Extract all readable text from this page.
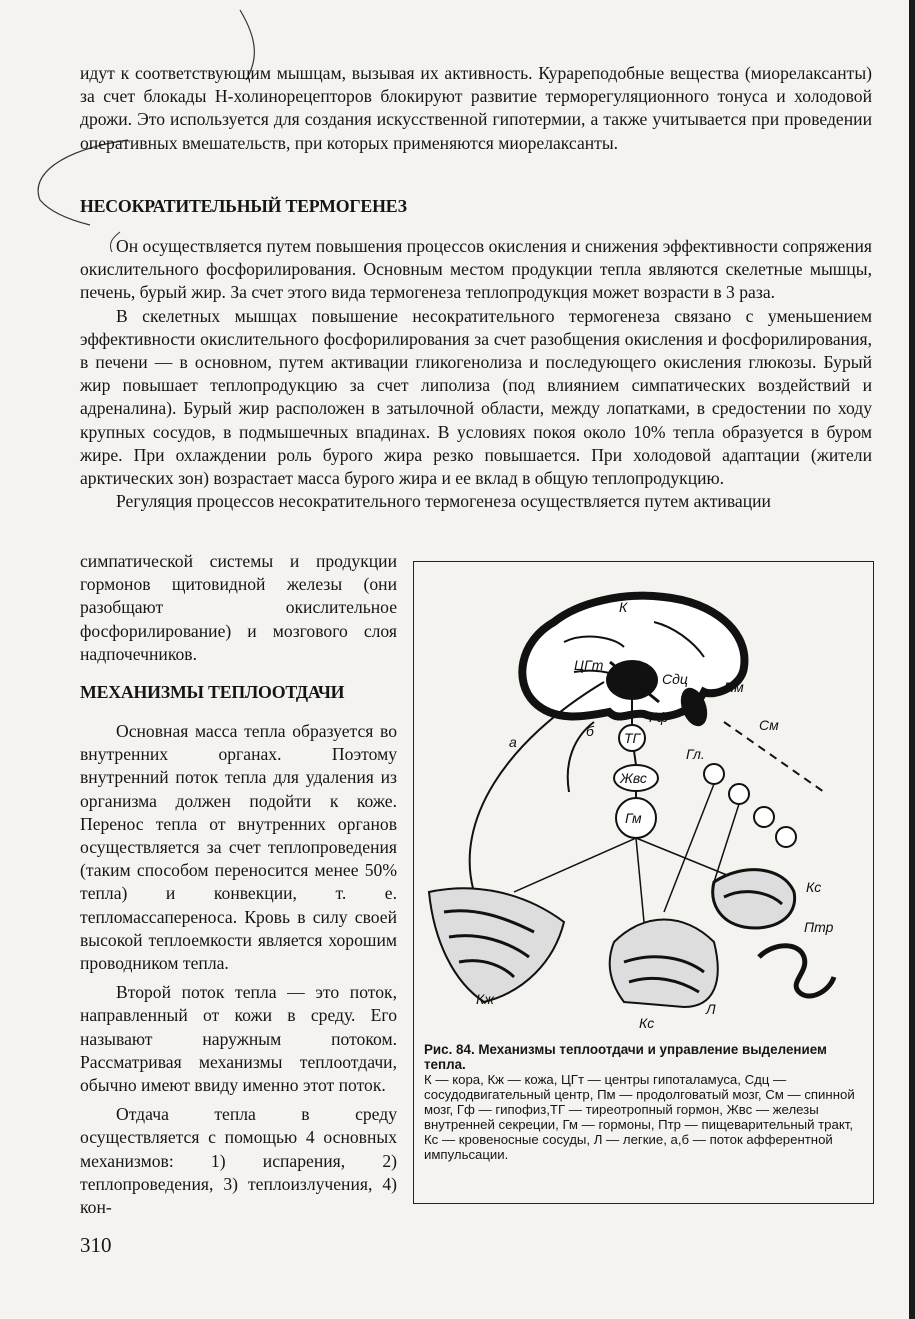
идут к соответствующим мышцам, вызывая их активность. Курареподобные вещества (миорелаксанты) за счет блокады Н-холинорецепторов блокируют развитие терморегуляционного тонуса и холодовой дрожи. Это используется для создания искусственной гипотермии, а также учитывается при проведении оперативных вмешательств, при которых применяются миорелаксанты.

НЕСОКРАТИТЕЛЬНЫЙ ТЕРМОГЕНЕЗ

Он осуществляется путем повышения процессов окисления и снижения эффективности сопряжения окислительного фосфорилирования. Основным местом продукции тепла являются скелетные мышцы, печень, бурый жир. За счет этого вида термогенеза теплопродукция может возрасти в 3 раза.

В скелетных мышцах повышение несократительного термогенеза связано с уменьшением эффективности окислительного фосфорилирования за счет разобщения окисления и фосфорилирования, в печени — в основном, путем активации гликогенолиза и последующего окисления глюкозы. Бурый жир повышает теплопродукцию за счет липолиза (под влиянием симпатических воздействий и адреналина). Бурый жир расположен в затылочной области, между лопатками, в средостении по ходу крупных сосудов, в подмышечных впадинах. В условиях покоя около 10% тепла образуется в буром жире. При охлаждении роль бурого жира резко повышается. При холодовой адаптации (жители арктических зон) возрастает масса бурого жира и ее вклад в общую теплопродукцию.

Регуляция процессов несократительного термогенеза осуществляется путем активации

симпатической системы и продукции гормонов щитовидной железы (они разобщают окислительное фосфорилирование) и мозгового слоя надпочечников.

МЕХАНИЗМЫ ТЕПЛООТДАЧИ

Основная масса тепла образуется во внутренних органах. Поэтому внутренний поток тепла для удаления из организма должен подойти к коже. Перенос тепла от внутренних органов осуществляется за счет теплопроведения (таким способом переносится менее 50% тепла) и конвекции, т. е. тепломассапереноса. Кровь в силу своей высокой теплоемкости является хорошим проводником тепла.

Второй поток тепла — это поток, направленный от кожи в среду. Его называют наружным потоком. Рассматривая механизмы теплоотдачи, обычно имеют ввиду именно этот поток.

Отдача тепла в среду осуществляется с помощью 4 основных механизмов: 1) испарения, 2) теплопроведения, 3) теплоизлучения, 4) кон-

К
ЦГт
Сдц	Пм
См
Гф
а
б ТГ
Жвс
Гм
Гл.
Кс
Птр
Кж
Кс
Л
Рис. 84. Механизмы теплоотдачи и управление выделением тепла.
К — кора, Кж — кожа, ЦГт — центры гипоталамуса, Сдц — сосудодвигательный центр, Пм — продолговатый мозг, См — спинной мозг, Гф — гипофиз,ТГ — тиреотропный гормон, Жвс — железы внутренней секреции, Гм — гормоны, Птр — пищеварительный тракт, Кс — кровеносные сосуды, Л — легкие, а,б — поток афферентной импульсации.
310
